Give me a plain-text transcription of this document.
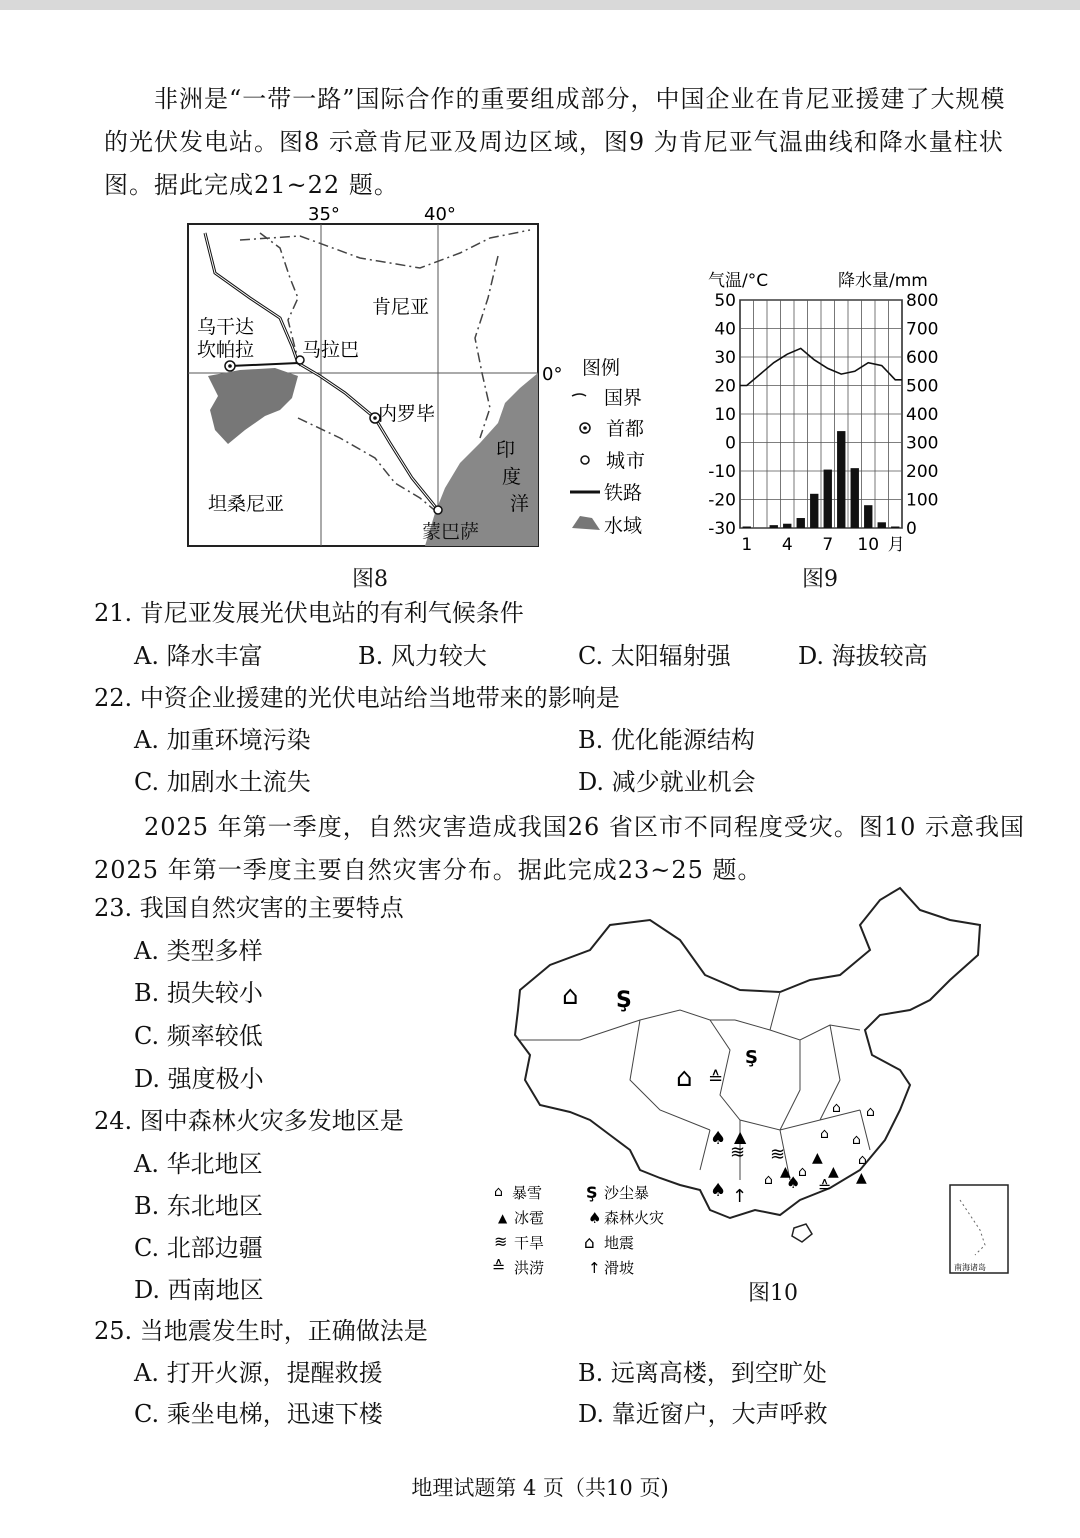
非洲是“一带一路”国际合作的重要组成部分，中国企业在肯尼亚援建了大规模
的光伏发电站。图8 示意肯尼亚及周边区域，图9 为肯尼亚气温曲线和降水量柱状
图。据此完成21~22 题。
35°	40°
0°
肯尼亚
乌干达
坎帕拉	马拉巴
内罗毕
坦桑尼亚
蒙巴萨
印
度
洋
图例
国界
首都
城 市
铁路
水域
图8
气温/°C	降水量/mm
50
40
30
20
10
0
-10
-20
-30
800
700
600
500
400
300
200
100
0
1 4 7 10 月
图9
21. 肯尼亚发展光伏电站的有利气候条件
A. 降水丰富	B. 风力较大	C. 太阳辐射强	D. 海拔较高
22. 中资企业援建的光伏电站给当地带来的影响是
A. 加重环境污染	B. 优化能源结构
C. 加剧水土流失	D. 减少就业机会
2025 年第一季度，自然灾害造成我国26 省区市不同程度受灾。图10 示意我国
2025 年第一季度主要自然灾害分布。据此完成23~25 题。
23. 我国自然灾害的主要特点
A. 类型多样
B. 损失较小
C. 频率较低
D. 强度极小
24. 图中森林火灾多发地区是
A. 华北地区
B. 东北地区
C. 北部边疆
D. 西南地区
南海诸岛
⌂ Ş
Ş
⌂ ≙
♠
≋
▲
≋
▲
♠ ↑
⌂ ⌂
♠ ≙
▲
⌂ ⌂
⌂
▲
⌂ ⌂
▲
⌂ 暴雪	Ş 沙尘暴
▲ 冰雹	♠ 森林火灾
≋ 干旱 ⌂ 地震
≙ 洪涝	↑ 滑坡
图10
25. 当地震发生时，正确做法是
A. 打开火源，提醒救援	B. 远离高楼，到空旷处
C. 乘坐电梯，迅速下楼	D. 靠近窗户，大声呼救
地理试题第 4 页（共10 页)
